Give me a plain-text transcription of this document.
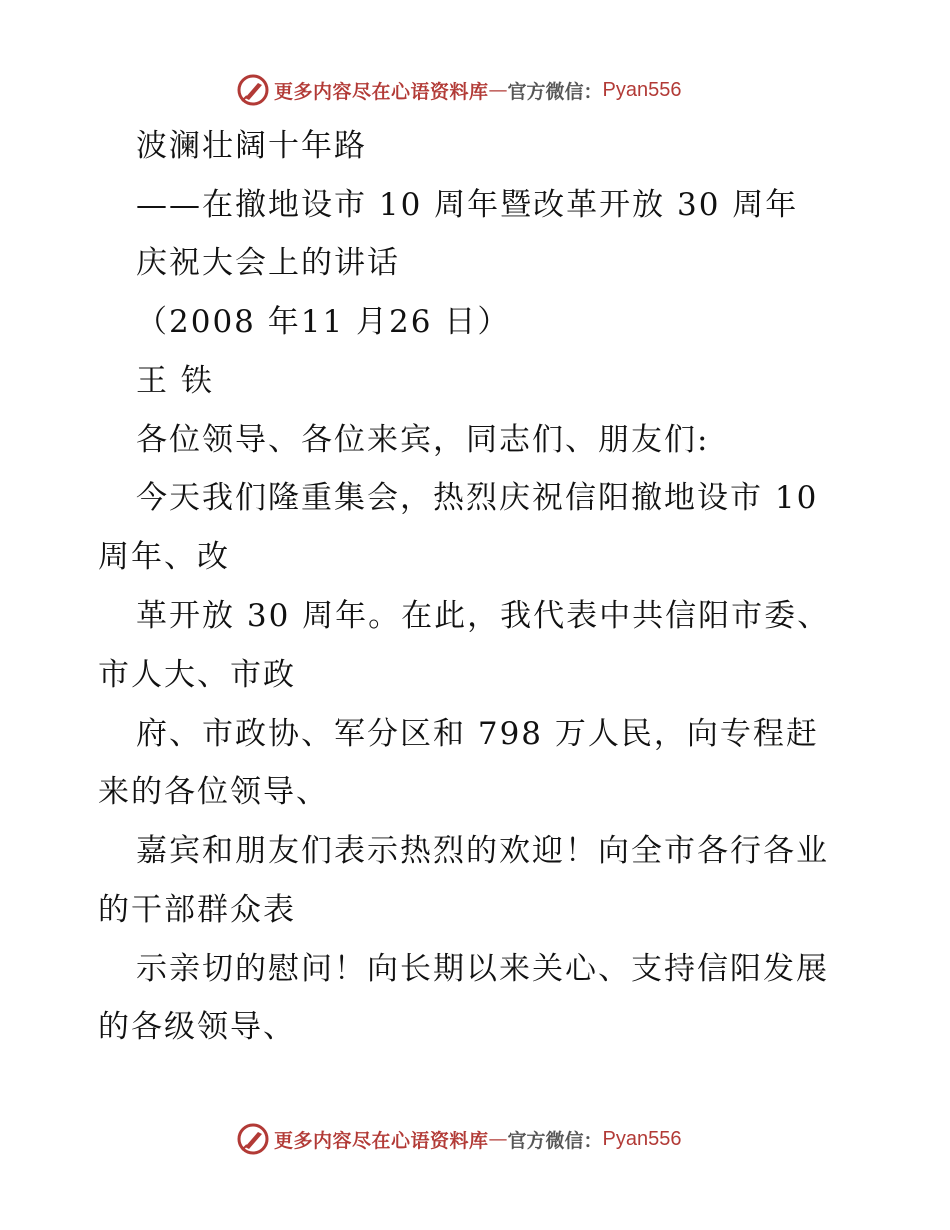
更多内容尽在心语资料库 — 官方微信： Pyan556
波澜壮阔十年路
——在撤地设市 10 周年暨改革开放 30 周年
庆祝大会上的讲话
（2008 年11 月26 日）
王 铁
各位领导、各位来宾，同志们、朋友们:
今天我们隆重集会，热烈庆祝信阳撤地设市 10
周年、改
革开放 30 周年。在此，我代表中共信阳市委、
市人大、市政
府、市政协、军分区和 798 万人民，向专程赶
来的各位领导、
嘉宾和朋友们表示热烈的欢迎！向全市各行各业
的干部群众表
示亲切的慰问！向长期以来关心、支持信阳发展
的各级领导、
更多内容尽在心语资料库 — 官方微信： Pyan556
